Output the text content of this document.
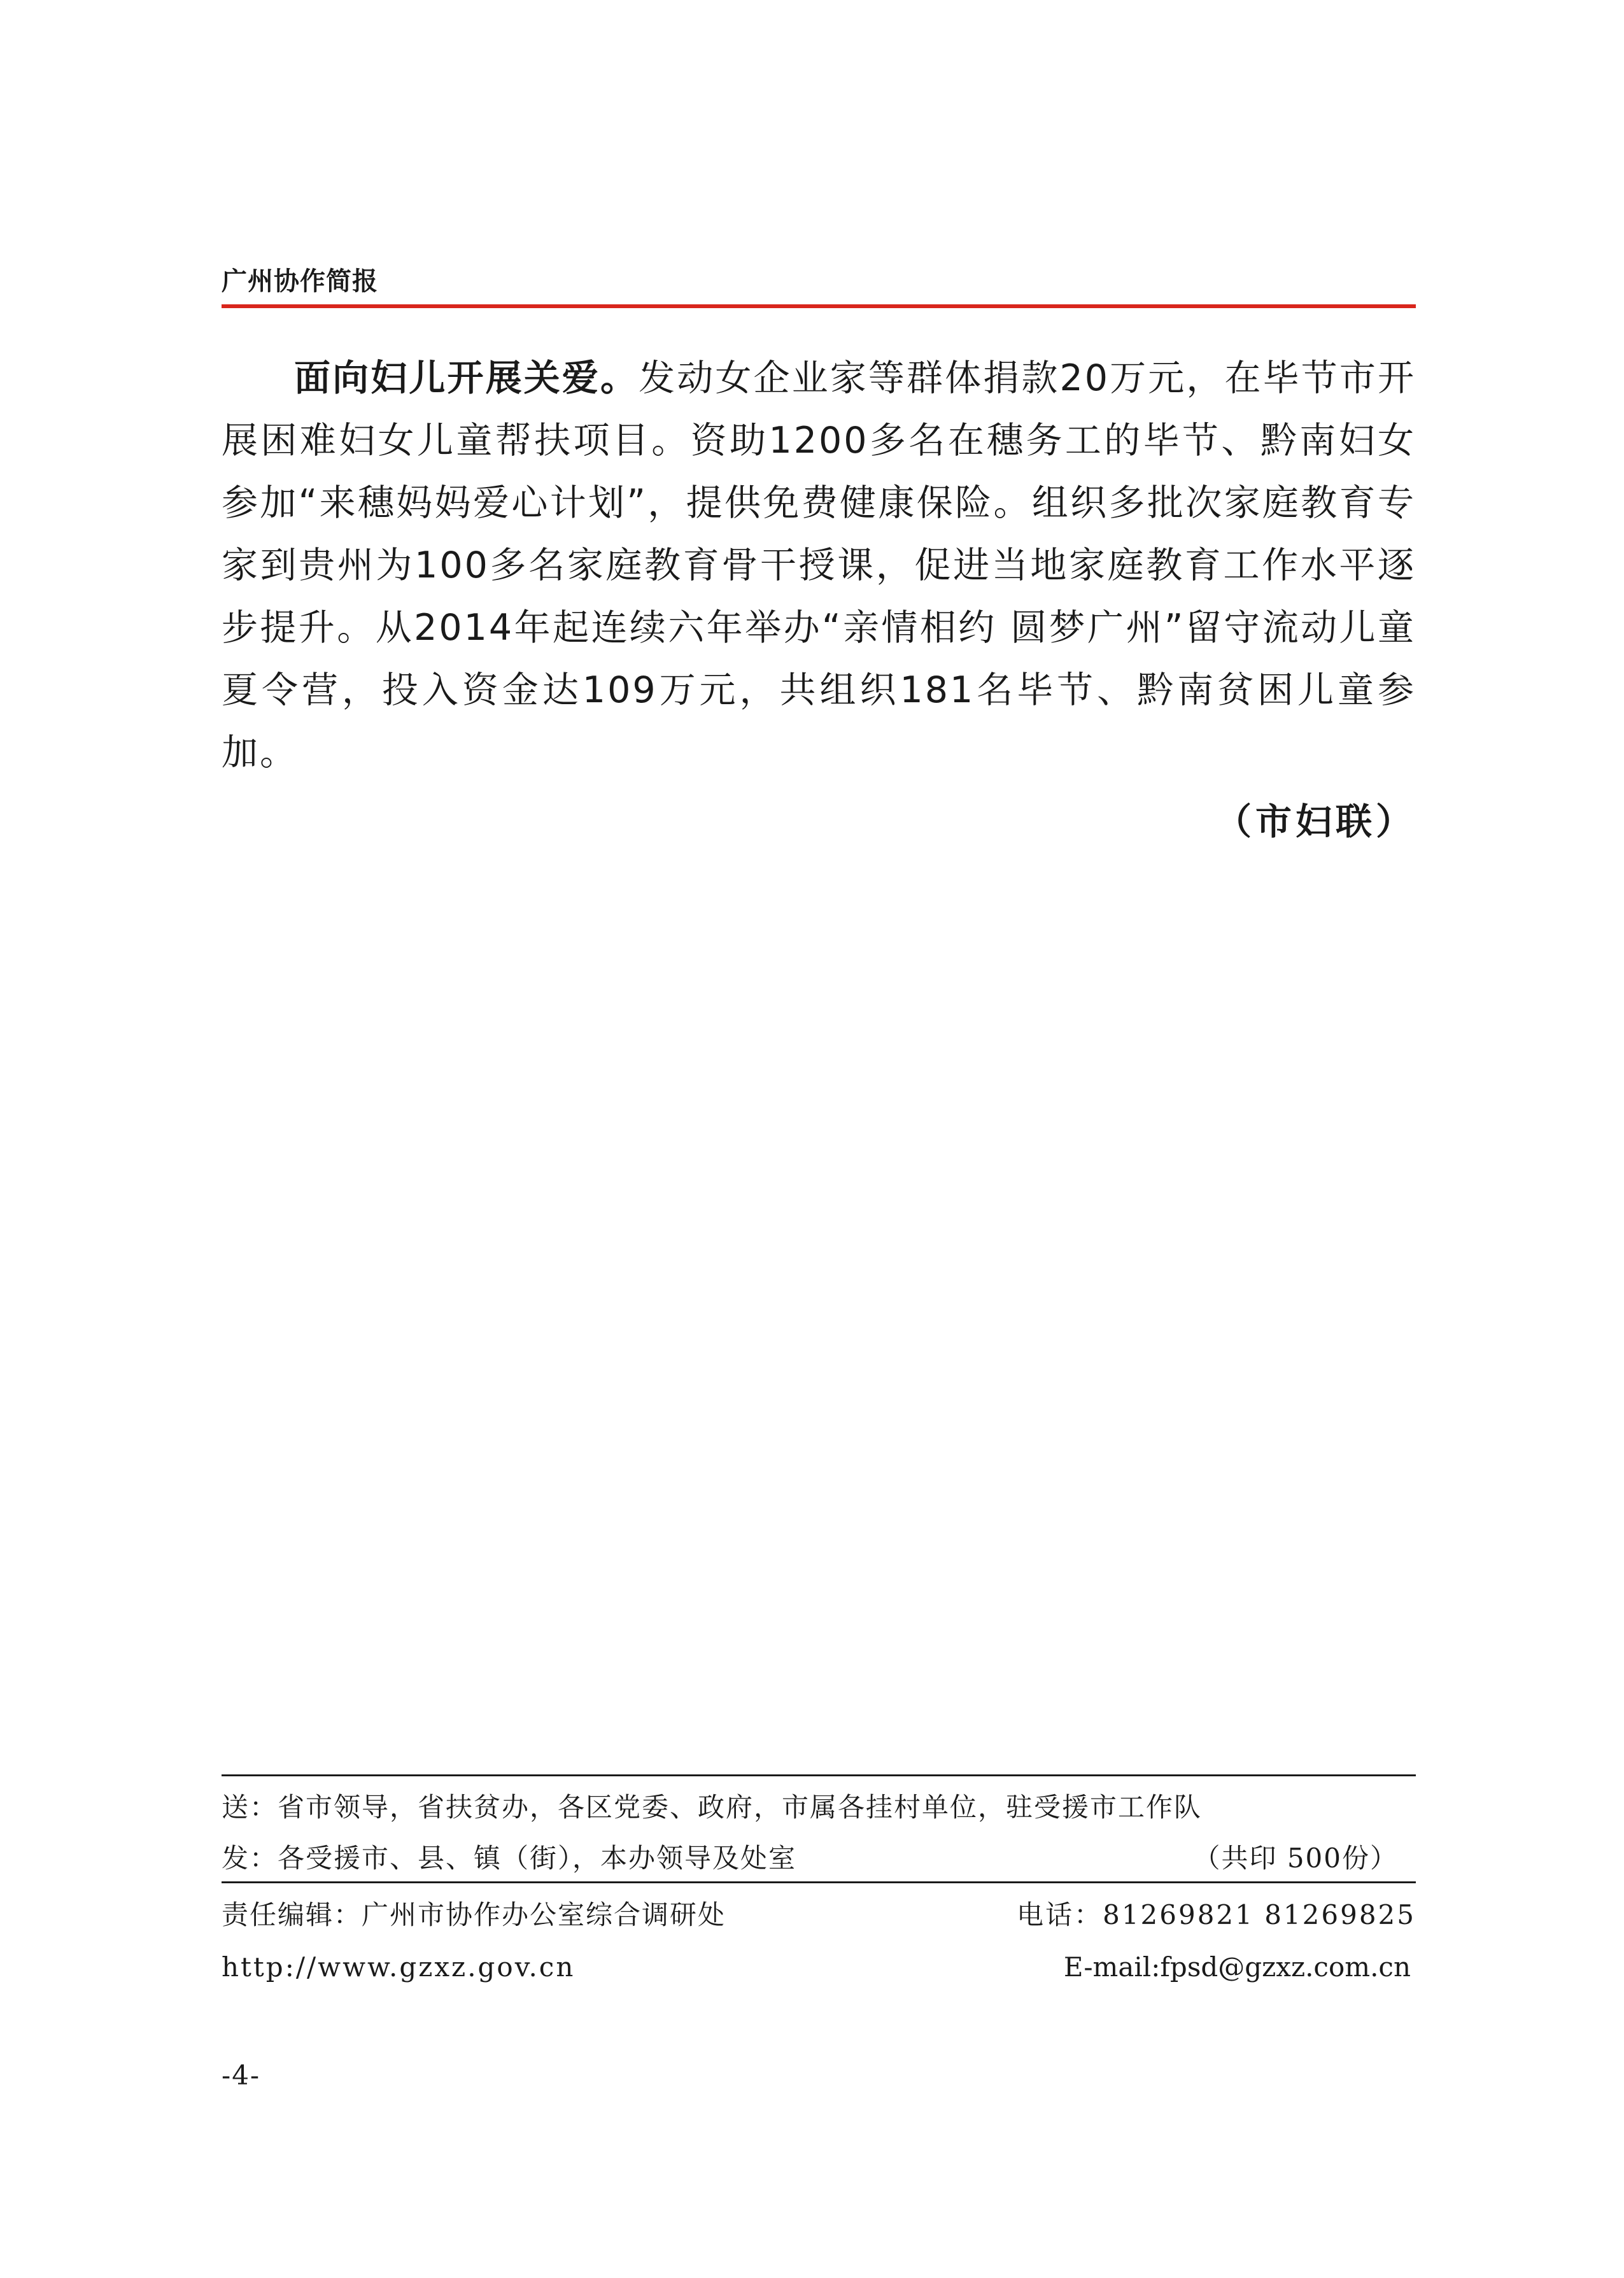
广州协作简报
面向妇儿开展关爱。发动女企业家等群体捐款20万元，在毕节市开展困难妇女儿童帮扶项目。资助1200多名在穗务工的毕节、黔南妇女参加“来穗妈妈爱心计划”，提供免费健康保险。组织多批次家庭教育专家到贵州为100多名家庭教育骨干授课，促进当地家庭教育工作水平逐步提升。从2014年起连续六年举办“亲情相约 圆梦广州”留守流动儿童夏令营，投入资金达109万元，共组织181名毕节、黔南贫困儿童参加。
（市妇联）
送：省市领导，省扶贫办，各区党委、政府，市属各挂村单位，驻受援市工作队
发：各受援市、县、镇（街），本办领导及处室	（共印 500份）
责任编辑：广州市协作办公室综合调研处	电话：81269821 81269825
http://www.gzxz.gov.cn	E-mail:fpsd@gzxz.com.cn
-4-
